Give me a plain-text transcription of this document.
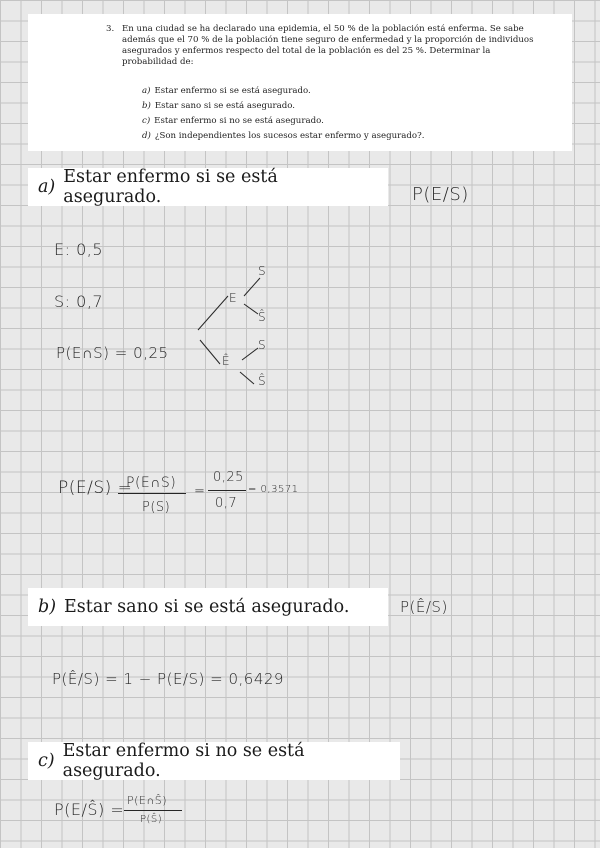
3. En una ciudad se ha declarado una epidemia, el 50 % de la población está enferma. Se sabe además que el 70 % de la población tiene seguro de enfermedad y la proporción de individuos asegurados y enfermos respecto del total de la población es del 25 %. Determinar la probabilidad de:
a) Estar enfermo si se está asegurado.
b) Estar sano si se está asegurado.
c) Estar enfermo si no se está asegurado.
d) ¿Son independientes los sucesos estar enfermo y asegurado?.
a) Estar enfermo si se está asegurado.	P(E/S)
E: 0,5
S: 0,7
P(E∩S) = 0,25
E
S
Ŝ
Ê
S
Ŝ
P(E/S) =
P(E∩S)
P(S)
=
0,25
0,7
= 0,3571
b) Estar sano si se está asegurado.	P(Ê/S)
P(Ê/S) = 1 − P(E/S) = 0,6429
c) Estar enfermo si no se está asegurado.
P(E/Ŝ) = P(E∩Ŝ)
P(Ŝ)
